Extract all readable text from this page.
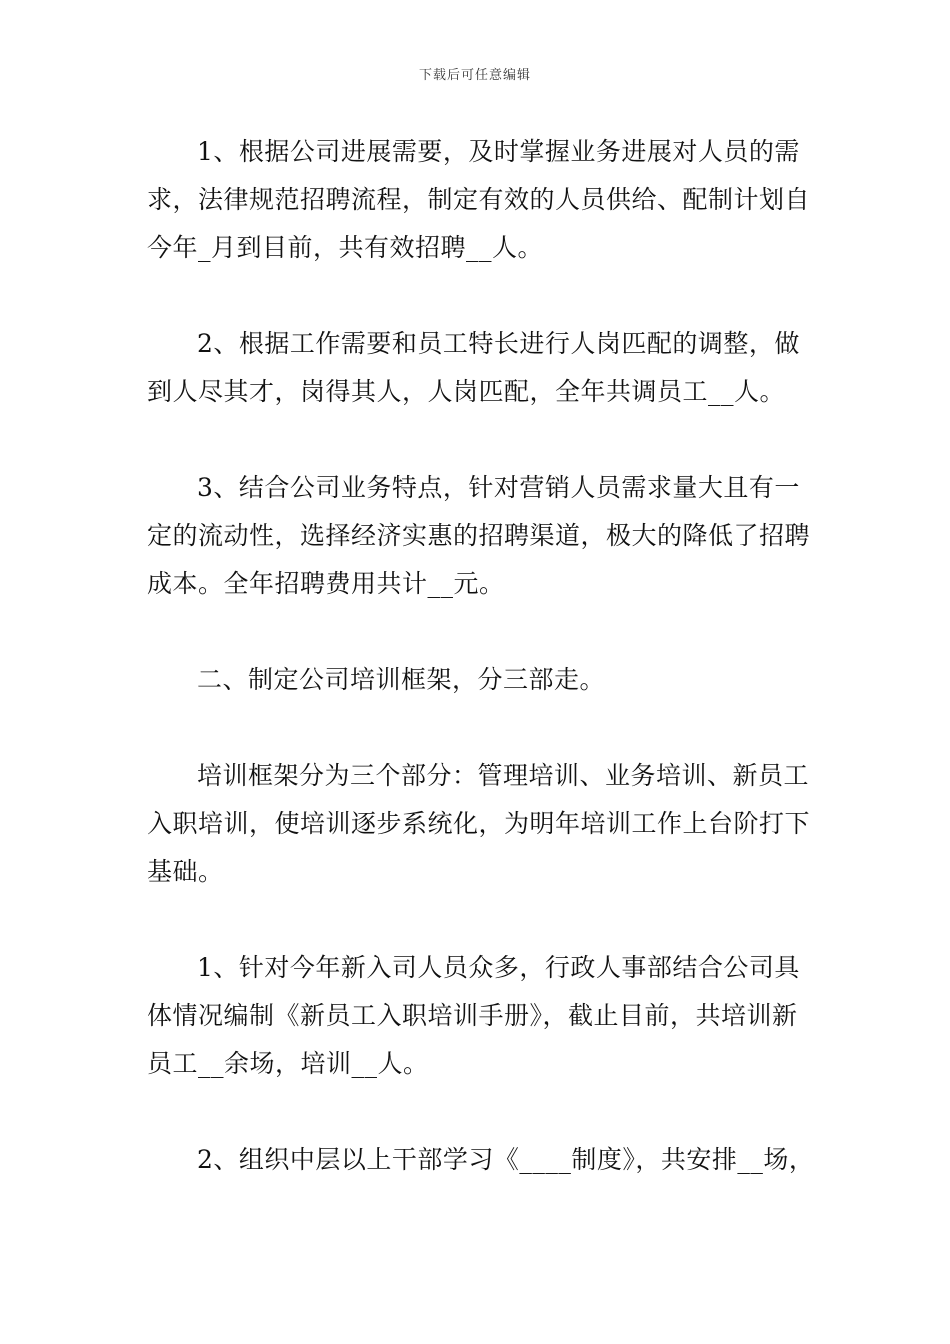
下载后可任意编辑

1、根据公司进展需要，及时掌握业务进展对人员的需求，法律规范招聘流程，制定有效的人员供给、配制计划自今年_月到目前，共有效招聘__人。

2、根据工作需要和员工特长进行人岗匹配的调整，做到人尽其才，岗得其人，人岗匹配，全年共调员工__人。

3、结合公司业务特点，针对营销人员需求量大且有一定的流动性，选择经济实惠的招聘渠道，极大的降低了招聘成本。全年招聘费用共计__元。

二、制定公司培训框架，分三部走。

培训框架分为三个部分：管理培训、业务培训、新员工入职培训，使培训逐步系统化，为明年培训工作上台阶打下基础。

1、针对今年新入司人员众多，行政人事部结合公司具体情况编制《新员工入职培训手册》，截止目前，共培训新员工__余场，培训__人。

2、组织中层以上干部学习《____制度》，共安排__场，
